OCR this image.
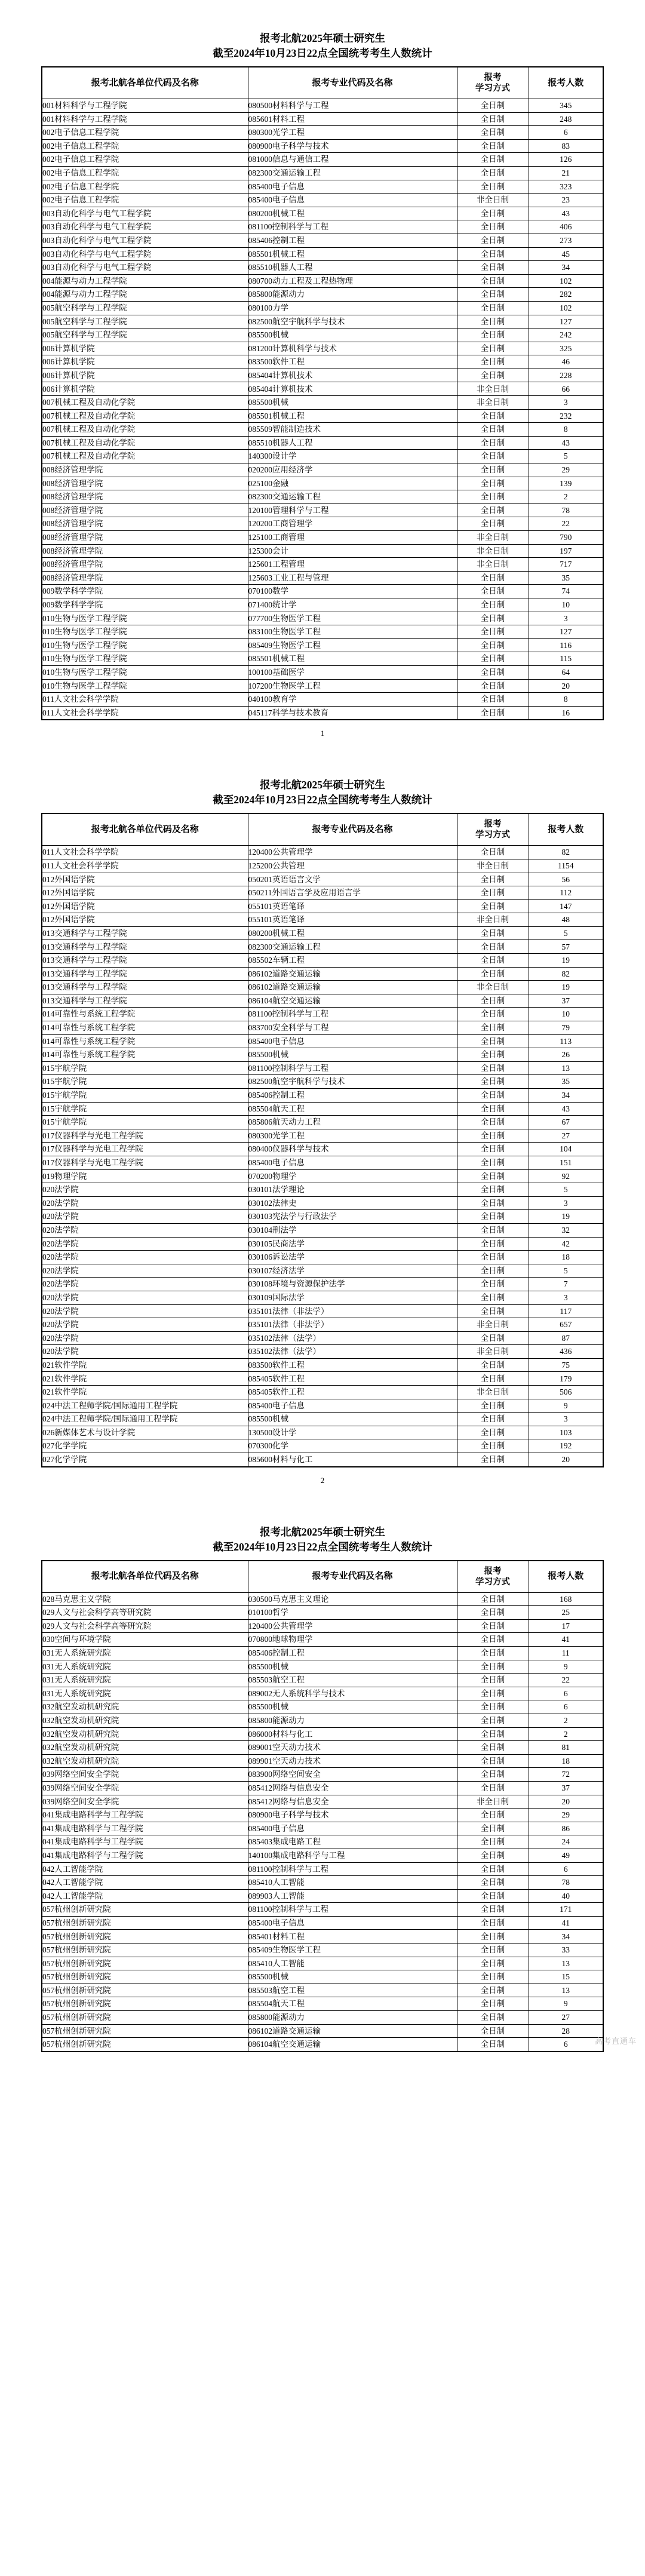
报考北航2025年硕士研究生
截至2024年10月23日22点全国统考考生人数统计
报考北航各单位代码及名称	报考专业代码及名称	报考
学习方式	报考人数
001材料科学与工程学院	080500材料科学与工程	全日制	345
001材料科学与工程学院	085601材料工程	全日制	248
002电子信息工程学院	080300光学工程	全日制	6
002电子信息工程学院	080900电子科学与技术	全日制	83
002电子信息工程学院	081000信息与通信工程	全日制	126
002电子信息工程学院	082300交通运输工程	全日制	21
002电子信息工程学院	085400电子信息	全日制	323
002电子信息工程学院	085400电子信息	非全日制	23
003自动化科学与电气工程学院	080200机械工程	全日制	43
003自动化科学与电气工程学院	081100控制科学与工程	全日制	406
003自动化科学与电气工程学院	085406控制工程	全日制	273
003自动化科学与电气工程学院	085501机械工程	全日制	45
003自动化科学与电气工程学院	085510机器人工程	全日制	34
004能源与动力工程学院	080700动力工程及工程热物理	全日制	102
004能源与动力工程学院	085800能源动力	全日制	282
005航空科学与工程学院	080100力学	全日制	102
005航空科学与工程学院	082500航空宇航科学与技术	全日制	127
005航空科学与工程学院	085500机械	全日制	242
006计算机学院	081200计算机科学与技术	全日制	325
006计算机学院	083500软件工程	全日制	46
006计算机学院	085404计算机技术	全日制	228
006计算机学院	085404计算机技术	非全日制	66
007机械工程及自动化学院	085500机械	非全日制	3
007机械工程及自动化学院	085501机械工程	全日制	232
007机械工程及自动化学院	085509智能制造技术	全日制	8
007机械工程及自动化学院	085510机器人工程	全日制	43
007机械工程及自动化学院	140300设计学	全日制	5
008经济管理学院	020200应用经济学	全日制	29
008经济管理学院	025100金融	全日制	139
008经济管理学院	082300交通运输工程	全日制	2
008经济管理学院	120100管理科学与工程	全日制	78
008经济管理学院	120200工商管理学	全日制	22
008经济管理学院	125100工商管理	非全日制	790
008经济管理学院	125300会计	非全日制	197
008经济管理学院	125601工程管理	非全日制	717
008经济管理学院	125603工业工程与管理	全日制	35
009数学科学学院	070100数学	全日制	74
009数学科学学院	071400统计学	全日制	10
010生物与医学工程学院	077700生物医学工程	全日制	3
010生物与医学工程学院	083100生物医学工程	全日制	127
010生物与医学工程学院	085409生物医学工程	全日制	116
010生物与医学工程学院	085501机械工程	全日制	115
010生物与医学工程学院	100100基础医学	全日制	64
010生物与医学工程学院	107200生物医学工程	全日制	20
011人文社会科学学院	040100教育学	全日制	8
011人文社会科学学院	045117科学与技术教育	全日制	16
1
报考北航2025年硕士研究生
截至2024年10月23日22点全国统考考生人数统计
报考北航各单位代码及名称	报考专业代码及名称	报考
学习方式	报考人数
011人文社会科学学院	120400公共管理学	全日制	82
011人文社会科学学院	125200公共管理	非全日制	1154
012外国语学院	050201英语语言文学	全日制	56
012外国语学院	050211外国语言学及应用语言学	全日制	112
012外国语学院	055101英语笔译	全日制	147
012外国语学院	055101英语笔译	非全日制	48
013交通科学与工程学院	080200机械工程	全日制	5
013交通科学与工程学院	082300交通运输工程	全日制	57
013交通科学与工程学院	085502车辆工程	全日制	19
013交通科学与工程学院	086102道路交通运输	全日制	82
013交通科学与工程学院	086102道路交通运输	非全日制	19
013交通科学与工程学院	086104航空交通运输	全日制	37
014可靠性与系统工程学院	081100控制科学与工程	全日制	10
014可靠性与系统工程学院	083700安全科学与工程	全日制	79
014可靠性与系统工程学院	085400电子信息	全日制	113
014可靠性与系统工程学院	085500机械	全日制	26
015宇航学院	081100控制科学与工程	全日制	13
015宇航学院	082500航空宇航科学与技术	全日制	35
015宇航学院	085406控制工程	全日制	34
015宇航学院	085504航天工程	全日制	43
015宇航学院	085806航天动力工程	全日制	67
017仪器科学与光电工程学院	080300光学工程	全日制	27
017仪器科学与光电工程学院	080400仪器科学与技术	全日制	104
017仪器科学与光电工程学院	085400电子信息	全日制	151
019物理学院	070200物理学	全日制	92
020法学院	030101法学理论	全日制	5
020法学院	030102法律史	全日制	3
020法学院	030103宪法学与行政法学	全日制	19
020法学院	030104刑法学	全日制	32
020法学院	030105民商法学	全日制	42
020法学院	030106诉讼法学	全日制	18
020法学院	030107经济法学	全日制	5
020法学院	030108环境与资源保护法学	全日制	7
020法学院	030109国际法学	全日制	3
020法学院	035101法律（非法学）	全日制	117
020法学院	035101法律（非法学）	非全日制	657
020法学院	035102法律（法学）	全日制	87
020法学院	035102法律（法学）	非全日制	436
021软件学院	083500软件工程	全日制	75
021软件学院	085405软件工程	全日制	179
021软件学院	085405软件工程	非全日制	506
024中法工程师学院/国际通用工程学院	085400电子信息	全日制	9
024中法工程师学院/国际通用工程学院	085500机械	全日制	3
026新媒体艺术与设计学院	130500设计学	全日制	103
027化学学院	070300化学	全日制	192
027化学学院	085600材料与化工	全日制	20
2
报考北航2025年硕士研究生
截至2024年10月23日22点全国统考考生人数统计
报考北航各单位代码及名称	报考专业代码及名称	报考
学习方式	报考人数
028马克思主义学院	030500马克思主义理论	全日制	168
029人文与社会科学高等研究院	010100哲学	全日制	25
029人文与社会科学高等研究院	120400公共管理学	全日制	17
030空间与环境学院	070800地球物理学	全日制	41
031无人系统研究院	085406控制工程	全日制	11
031无人系统研究院	085500机械	全日制	9
031无人系统研究院	085503航空工程	全日制	22
031无人系统研究院	089002无人系统科学与技术	全日制	6
032航空发动机研究院	085500机械	全日制	6
032航空发动机研究院	085800能源动力	全日制	2
032航空发动机研究院	086000材料与化工	全日制	2
032航空发动机研究院	089001空天动力技术	全日制	81
032航空发动机研究院	089901空天动力技术	全日制	18
039网络空间安全学院	083900网络空间安全	全日制	72
039网络空间安全学院	085412网络与信息安全	全日制	37
039网络空间安全学院	085412网络与信息安全	非全日制	20
041集成电路科学与工程学院	080900电子科学与技术	全日制	29
041集成电路科学与工程学院	085400电子信息	全日制	86
041集成电路科学与工程学院	085403集成电路工程	全日制	24
041集成电路科学与工程学院	140100集成电路科学与工程	全日制	49
042人工智能学院	081100控制科学与工程	全日制	6
042人工智能学院	085410人工智能	全日制	78
042人工智能学院	089903人工智能	全日制	40
057杭州创新研究院	081100控制科学与工程	全日制	171
057杭州创新研究院	085400电子信息	全日制	41
057杭州创新研究院	085401材料工程	全日制	34
057杭州创新研究院	085409生物医学工程	全日制	33
057杭州创新研究院	085410人工智能	全日制	13
057杭州创新研究院	085500机械	全日制	15
057杭州创新研究院	085503航空工程	全日制	13
057杭州创新研究院	085504航天工程	全日制	9
057杭州创新研究院	085800能源动力	全日制	27
057杭州创新研究院	086102道路交通运输	全日制	28
057杭州创新研究院	086104航空交通运输	全日制	6	高考直通车
